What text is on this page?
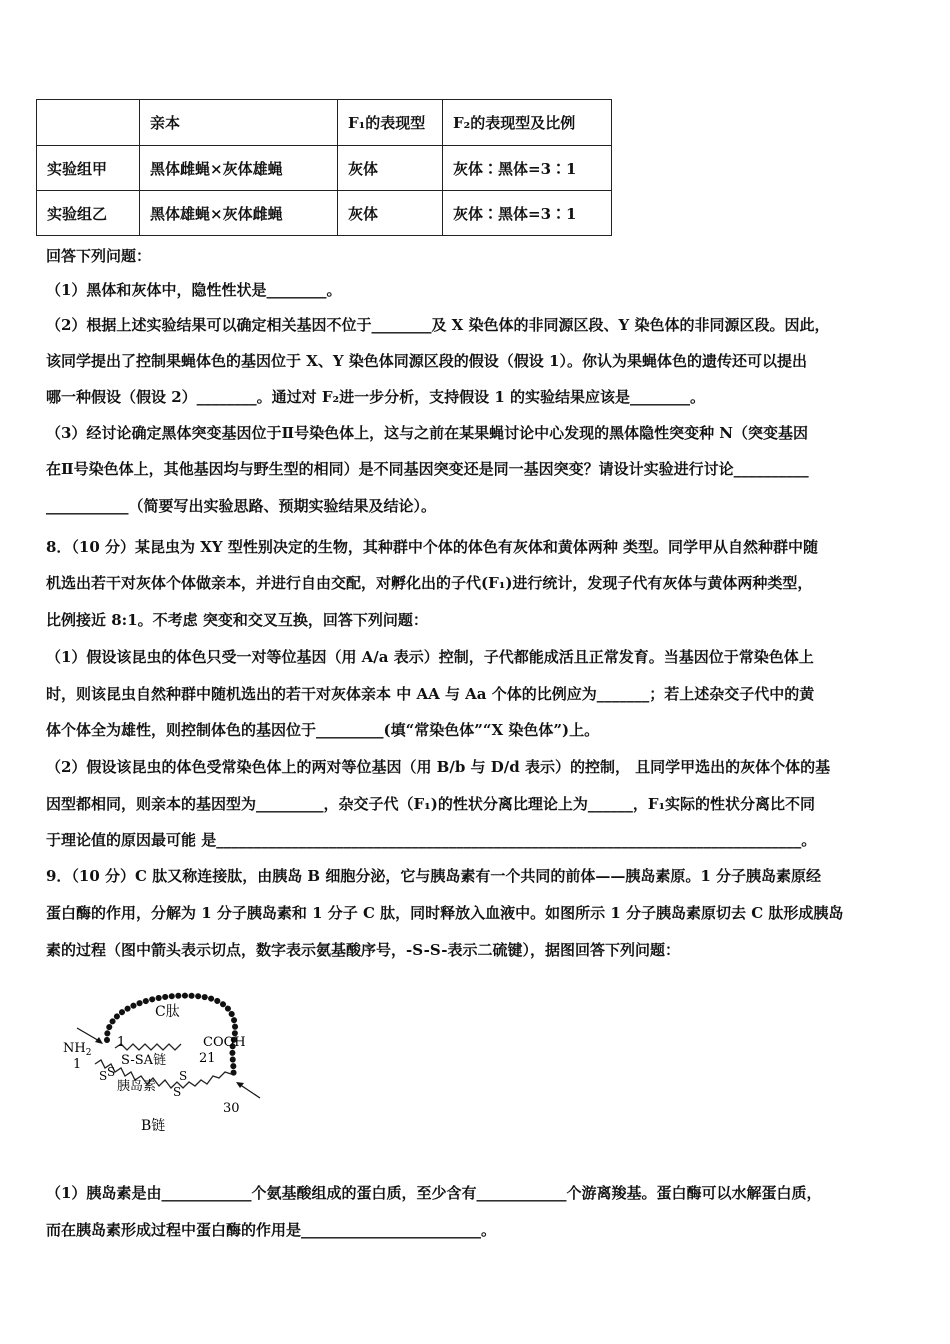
	亲本	F₁的表现型	F₂的表现型及比例
实验组甲	黑体雌蝇×灰体雄蝇	灰体	灰体∶黑体=3∶1
实验组乙	黑体雄蝇×灰体雌蝇	灰体	灰体∶黑体=3∶1
回答下列问题：
（1）黑体和灰体中，隐性性状是________。
（2）根据上述实验结果可以确定相关基因不位于________及 X 染色体的非同源区段、Y 染色体的非同源区段。因此，
该同学提出了控制果蝇体色的基因位于 X、Y 染色体同源区段的假设（假设 1）。你认为果蝇体色的遗传还可以提出
哪一种假设（假设 2）________。通过对 F₂进一步分析，支持假设 1 的实验结果应该是________。
（3）经讨论确定黑体突变基因位于Ⅱ号染色体上，这与之前在某果蝇讨论中心发现的黑体隐性突变种 N（突变基因
在Ⅱ号染色体上，其他基因均与野生型的相同）是不同基因突变还是同一基因突变？请设计实验进行讨论__________
___________（简要写出实验思路、预期实验结果及结论）。
8．（10 分）某昆虫为 XY 型性别决定的生物，其种群中个体的体色有灰体和黄体两种 类型。同学甲从自然种群中随
机选出若干对灰体个体做亲本，并进行自由交配，对孵化出的子代(F₁)进行统计，发现子代有灰体与黄体两种类型，
比例接近 8:1。不考虑 突变和交叉互换，回答下列问题：
（1）假设该昆虫的体色只受一对等位基因（用 A/a 表示）控制，子代都能成活且正常发育。当基因位于常染色体上
时，则该昆虫自然种群中随机选出的若干对灰体亲本 中 AA 与 Aa 个体的比例应为_______；若上述杂交子代中的黄
体个体全为雄性，则控制体色的基因位于_________(填“常染色体”“X 染色体”)上。
（2）假设该昆虫的体色受常染色体上的两对等位基因（用 B/b 与 D/d 表示）的控制， 且同学甲选出的灰体个体的基
因型都相同，则亲本的基因型为_________，杂交子代（F₁)的性状分离比理论上为______，F₁实际的性状分离比不同
于理论值的原因最可能 是______________________________________________________________________________。
9．（10 分）C 肽又称连接肽，由胰岛 B 细胞分泌，它与胰岛素有一个共同的前体——胰岛素原。1 分子胰岛素原经
蛋白酶的作用，分解为 1 分子胰岛素和 1 分子 C 肽，同时释放入血液中。如图所示 1 分子胰岛素原切去 C 肽形成胰岛
素的过程（图中箭头表示切点，数字表示氨基酸序号，-S-S-表示二硫键），据图回答下列问题：
C肽
$NH_2$
1
1
COOH
21
30
S-SA链
胰岛素
B链
S S	S
S
（1）胰岛素是由____________个氨基酸组成的蛋白质，至少含有____________个游离羧基。蛋白酶可以水解蛋白质，
而在胰岛素形成过程中蛋白酶的作用是________________________。
